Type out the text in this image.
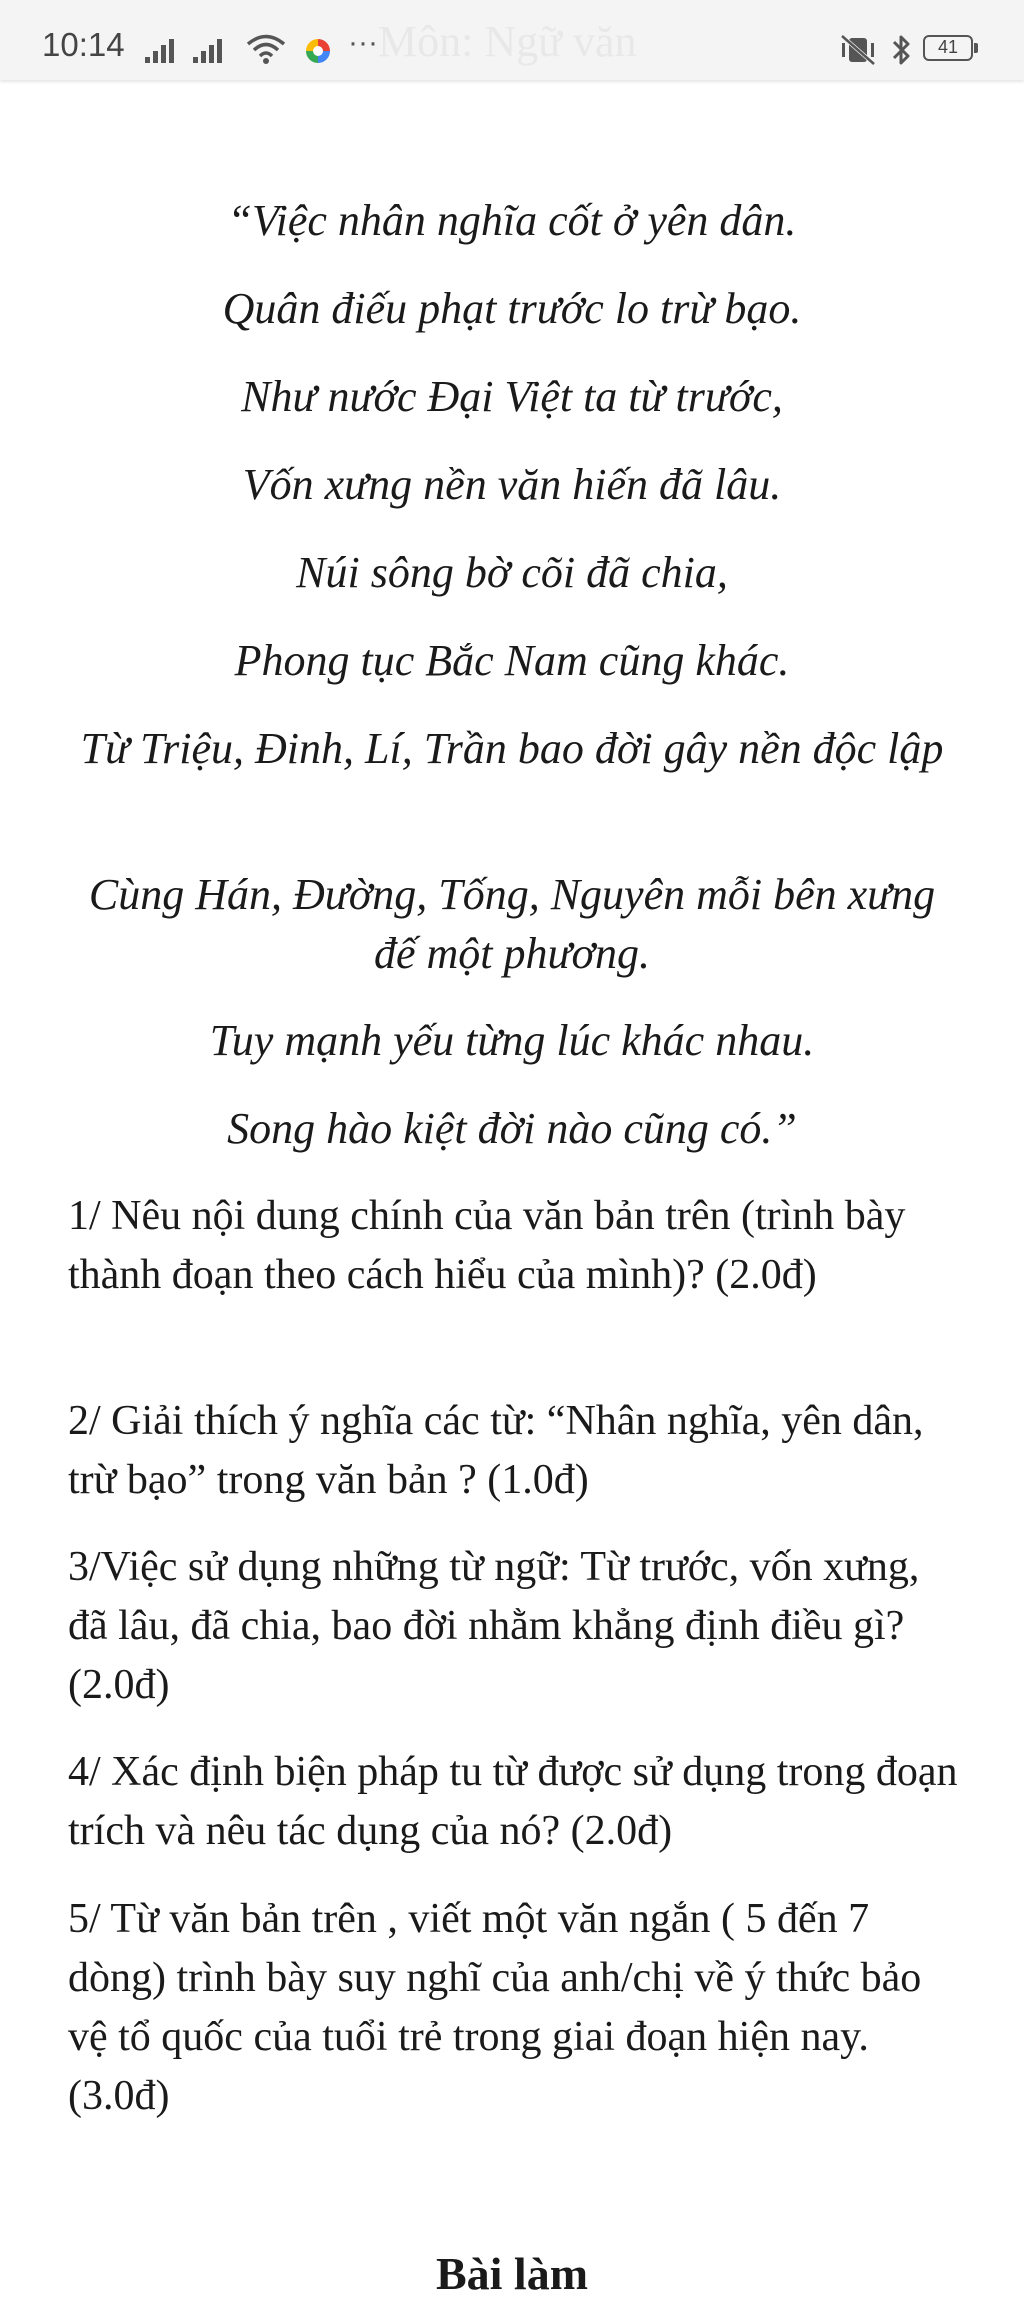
10:14	··· Môn: Ngữ văn	41
“Việc nhân nghĩa cốt ở yên dân.
Quân điếu phạt trước lo trừ bạo.
Như nước Đại Việt ta từ trước,
Vốn xưng nền văn hiến đã lâu.
Núi sông bờ cõi đã chia,
Phong tục Bắc Nam cũng khác.
Từ Triệu, Đinh, Lí, Trần bao đời gây nền độc lập
Cùng Hán, Đường, Tống, Nguyên mỗi bên xưng đế một phương.
Tuy mạnh yếu từng lúc khác nhau.
Song hào kiệt đời nào cũng có.”
1/ Nêu nội dung chính của văn bản trên (trình bày thành đoạn theo cách hiểu của mình)? (2.0đ)
2/ Giải thích ý nghĩa các từ: “Nhân nghĩa, yên dân, trừ bạo” trong văn bản ? (1.0đ)
3/Việc sử dụng những từ ngữ: Từ trước, vốn xưng, đã lâu, đã chia, bao đời nhằm khẳng định điều gì? (2.0đ)
4/ Xác định biện pháp tu từ được sử dụng trong đoạn trích và nêu tác dụng của nó? (2.0đ)
5/ Từ văn bản trên , viết một văn ngắn ( 5 đến 7 dòng) trình bày suy nghĩ của anh/chị về ý thức bảo vệ tổ quốc của tuổi trẻ trong giai đoạn hiện nay. (3.0đ)
Bài làm
